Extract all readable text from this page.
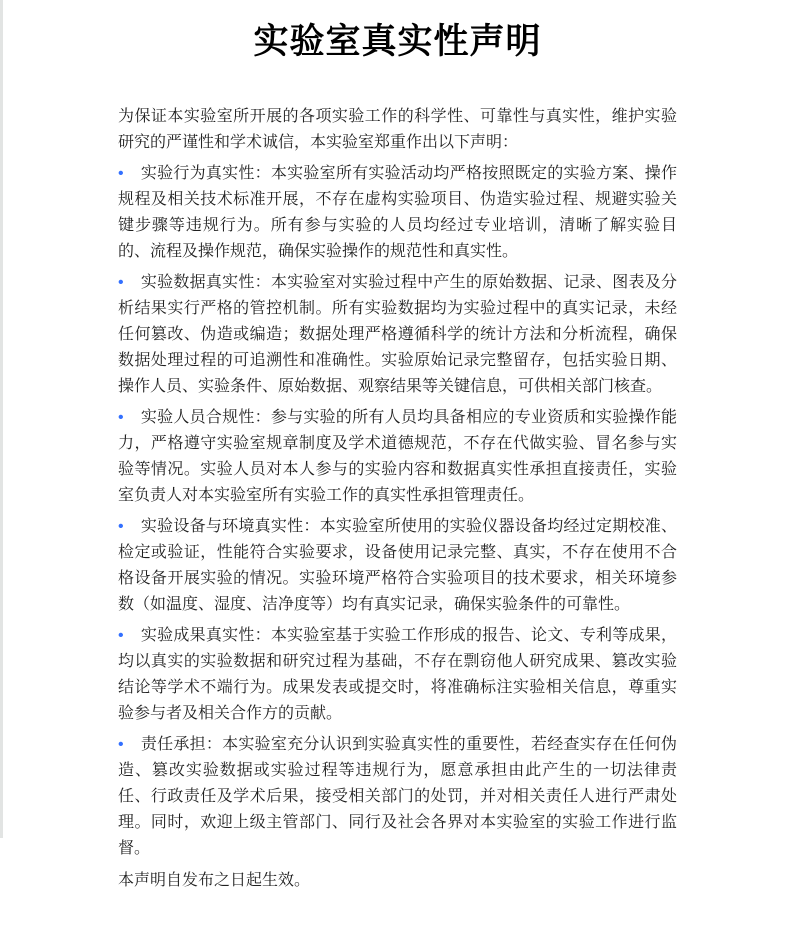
实验室真实性声明

为保证本实验室所开展的各项实验工作的科学性、可靠性与真实性，维护实验研究的严谨性和学术诚信，本实验室郑重作出以下声明：

• 实验行为真实性：本实验室所有实验活动均严格按照既定的实验方案、操作规程及相关技术标准开展，不存在虚构实验项目、伪造实验过程、规避实验关键步骤等违规行为。所有参与实验的人员均经过专业培训，清晰了解实验目的、流程及操作规范，确保实验操作的规范性和真实性。

• 实验数据真实性：本实验室对实验过程中产生的原始数据、记录、图表及分析结果实行严格的管控机制。所有实验数据均为实验过程中的真实记录，未经任何篡改、伪造或编造；数据处理严格遵循科学的统计方法和分析流程，确保数据处理过程的可追溯性和准确性。实验原始记录完整留存，包括实验日期、操作人员、实验条件、原始数据、观察结果等关键信息，可供相关部门核查。

• 实验人员合规性：参与实验的所有人员均具备相应的专业资质和实验操作能力，严格遵守实验室规章制度及学术道德规范，不存在代做实验、冒名参与实验等情况。实验人员对本人参与的实验内容和数据真实性承担直接责任，实验室负责人对本实验室所有实验工作的真实性承担管理责任。

• 实验设备与环境真实性：本实验室所使用的实验仪器设备均经过定期校准、检定或验证，性能符合实验要求，设备使用记录完整、真实，不存在使用不合格设备开展实验的情况。实验环境严格符合实验项目的技术要求，相关环境参数（如温度、湿度、洁净度等）均有真实记录，确保实验条件的可靠性。

• 实验成果真实性：本实验室基于实验工作形成的报告、论文、专利等成果，均以真实的实验数据和研究过程为基础，不存在剽窃他人研究成果、篡改实验结论等学术不端行为。成果发表或提交时，将准确标注实验相关信息，尊重实验参与者及相关合作方的贡献。

• 责任承担：本实验室充分认识到实验真实性的重要性，若经查实存在任何伪造、篡改实验数据或实验过程等违规行为，愿意承担由此产生的一切法律责任、行政责任及学术后果，接受相关部门的处罚，并对相关责任人进行严肃处理。同时，欢迎上级主管部门、同行及社会各界对本实验室的实验工作进行监督。

本声明自发布之日起生效。
